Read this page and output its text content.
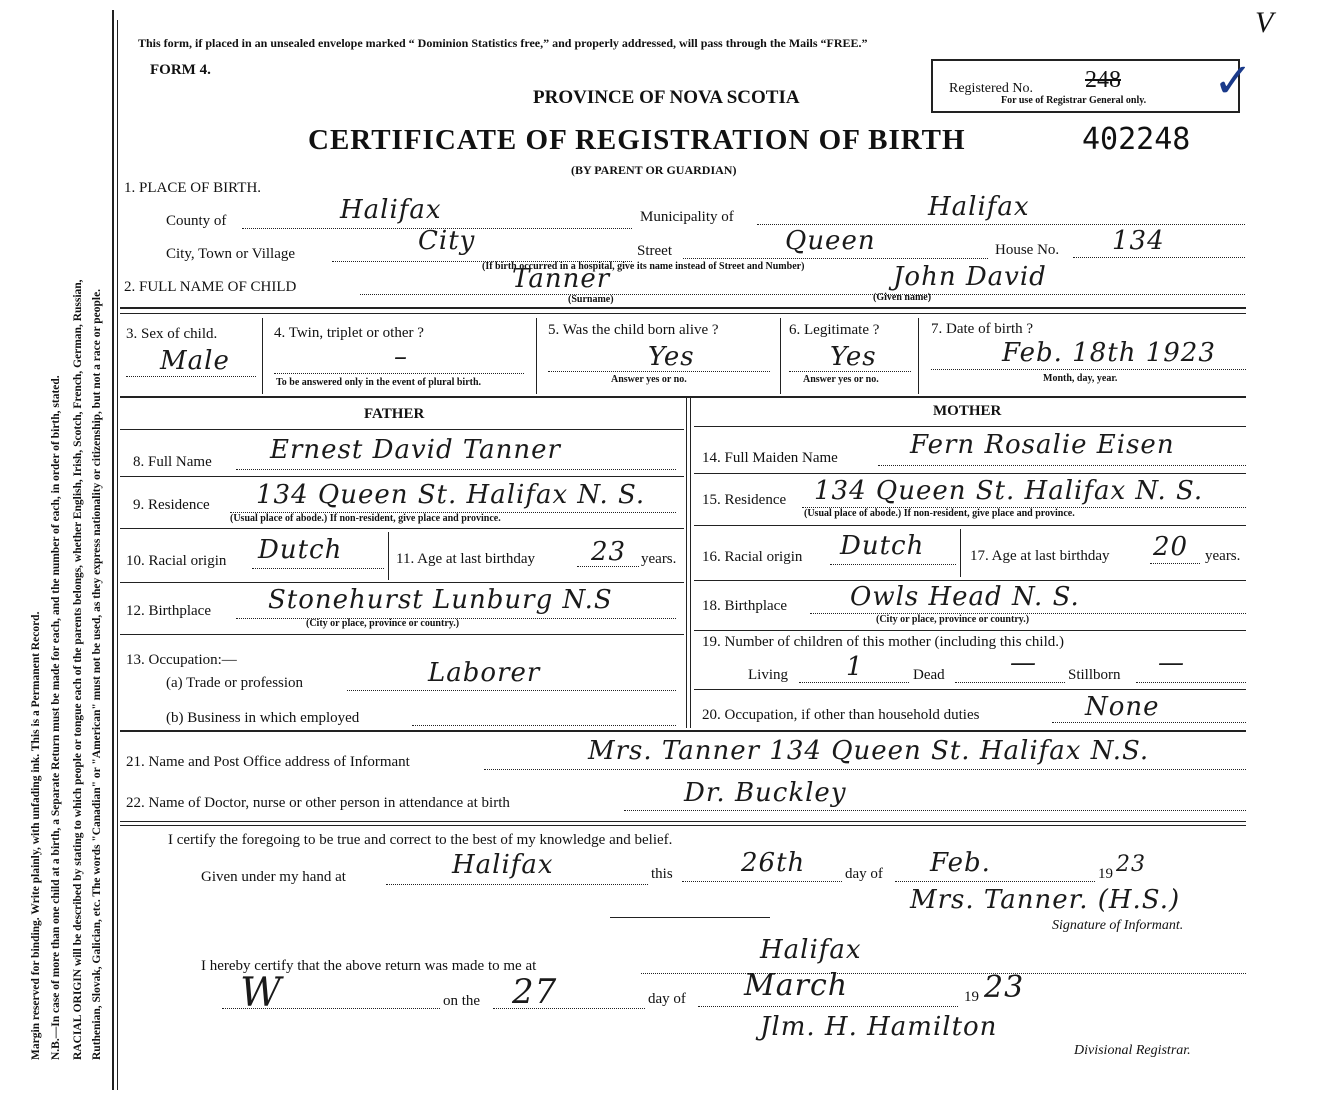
Margin reserved for binding. Write plainly, with unfading ink. This is a Permanent Record. N.B.—In case of more than one child at a birth, a Separate Return must be made for each, and the number of each, in order of birth, stated. RACIAL ORIGIN will be described by stating to which people or tongue each of the parents belongs, whether English, Irish, Scotch, French, German, Russian, Ruthenian, Slovak, Galician, etc. The words "Canadian" or "American" must not be used, as they express nationality or citizenship, but not a race or people.
This form, if placed in an unsealed envelope marked “ Dominion Statistics free,” and properly addressed, will pass through the Mails “FREE.”
V
FORM 4.
Registered No. 248
For use of Registrar General only. ✓
PROVINCE OF NOVA SCOTIA
CERTIFICATE OF REGISTRATION OF BIRTH	402248
(BY PARENT OR GUARDIAN)
1. PLACE OF BIRTH.
County of	Halifax	Municipality of	Halifax
City, Town or Village	City	Street	Queen	House No. 134
(If birth occurred in a hospital, give its name instead of Street and Number)
2. FULL NAME OF CHILD	Tanner
(Surname)
John David
(Given name)
3. Sex of child.
Male
4. Twin, triplet or other ?
–
To be answered only in the event of plural birth.
5. Was the child born alive ?
Yes
Answer yes or no.
6. Legitimate ?
Yes
Answer yes or no.
7. Date of birth ?
Feb. 18th 1923
Month, day, year.
FATHER	MOTHER
8. Full Name Ernest David Tanner
9. Residence 134 Queen St. Halifax N. S.
(Usual place of abode.) If non-resident, give place and province.
10. Racial origin Dutch	11. Age at last birthday 23 years.
12. Birthplace Stonehurst Lunburg N.S
(City or place, province or country.)
13. Occupation:—
(a) Trade or profession	Laborer
(b) Business in which employed
14. Full Maiden Name	Fern Rosalie Eisen
15. Residence 134 Queen St. Halifax N. S.
(Usual place of abode.) If non-resident, give place and province.
16. Racial origin Dutch	17. Age at last birthday 20 years.
18. Birthplace Owls Head N. S.
(City or place, province or country.)
19. Number of children of this mother (including this child.)
Living 1	Dead	— Stillborn —
20. Occupation, if other than household duties	None
21. Name and Post Office address of Informant	Mrs. Tanner 134 Queen St. Halifax N.S.
22. Name of Doctor, nurse or other person in attendance at birth	Dr. Buckley
I certify the foregoing to be true and correct to the best of my knowledge and belief.
Given under my hand at	Halifax	this	26th	day of Feb.	19 23
Mrs. Tanner. (H.S.)
Signature of Informant.
I hereby certify that the above return was made to me at
Halifax
W	on the 27	day of March	19 23
Jlm. H. Hamilton
Divisional Registrar.
